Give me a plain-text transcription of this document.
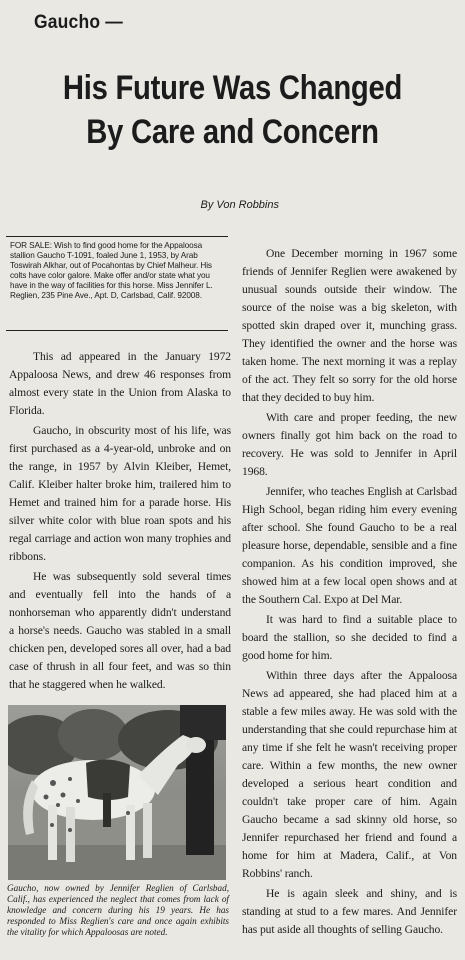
Gaucho —
His Future Was Changed
By Care and Concern
By Von Robbins
FOR SALE: Wish to find good home for the Appaloosa stallion Gaucho T-1091, foaled June 1, 1953, by Arab Toswirah Alkhar, out of Pocahontas by Chief Malheur. His colts have color galore. Make offer and/or state what you have in the way of facilities for this horse. Miss Jennifer L. Reglien, 235 Pine Ave., Apt. D, Carlsbad, Calif. 92008.

This ad appeared in the January 1972 Appaloosa News, and drew 46 responses from almost every state in the Union from Alaska to Florida.

Gaucho, in obscurity most of his life, was first purchased as a 4-year-old, unbroke and on the range, in 1957 by Alvin Kleiber, Hemet, Calif. Kleiber halter broke him, trailered him to Hemet and trained him for a parade horse. His silver white color with blue roan spots and his regal carriage and action won many trophies and ribbons.

He was subsequently sold several times and eventually fell into the hands of a nonhorseman who apparently didn't understand a horse's needs. Gaucho was stabled in a small chicken pen, developed sores all over, had a bad case of thrush in all four feet, and was so thin that he staggered when he walked.

Gaucho, now owned by Jennifer Reglien of Carlsbad, Calif., has experienced the neglect that comes from lack of knowledge and concern during his 19 years. He has responded to Miss Reglien's care and once again exhibits the vitality for which Appaloosas are noted.

One December morning in 1967 some friends of Jennifer Reglien were awakened by unusual sounds outside their window. The source of the noise was a big skeleton, with spotted skin draped over it, munching grass. They identified the owner and the horse was taken home. The next morning it was a replay of the act. They felt so sorry for the old horse that they decided to buy him.

With care and proper feeding, the new owners finally got him back on the road to recovery. He was sold to Jennifer in April 1968.

Jennifer, who teaches English at Carlsbad High School, began riding him every evening after school. She found Gaucho to be a real pleasure horse, dependable, sensible and a fine companion. As his condition improved, she showed him at a few local open shows and at the Southern Cal. Expo at Del Mar.

It was hard to find a suitable place to board the stallion, so she decided to find a good home for him.

Within three days after the Appaloosa News ad appeared, she had placed him at a stable a few miles away. He was sold with the understanding that she could repurchase him at any time if she felt he wasn't receiving proper care. Within a few months, the new owner developed a serious heart condition and couldn't take proper care of him. Again Gaucho became a sad skinny old horse, so Jennifer repurchased her friend and found a home for him at Madera, Calif., at Von Robbins' ranch.

He is again sleek and shiny, and is standing at stud to a few mares. And Jennifer has put aside all thoughts of selling Gaucho.
